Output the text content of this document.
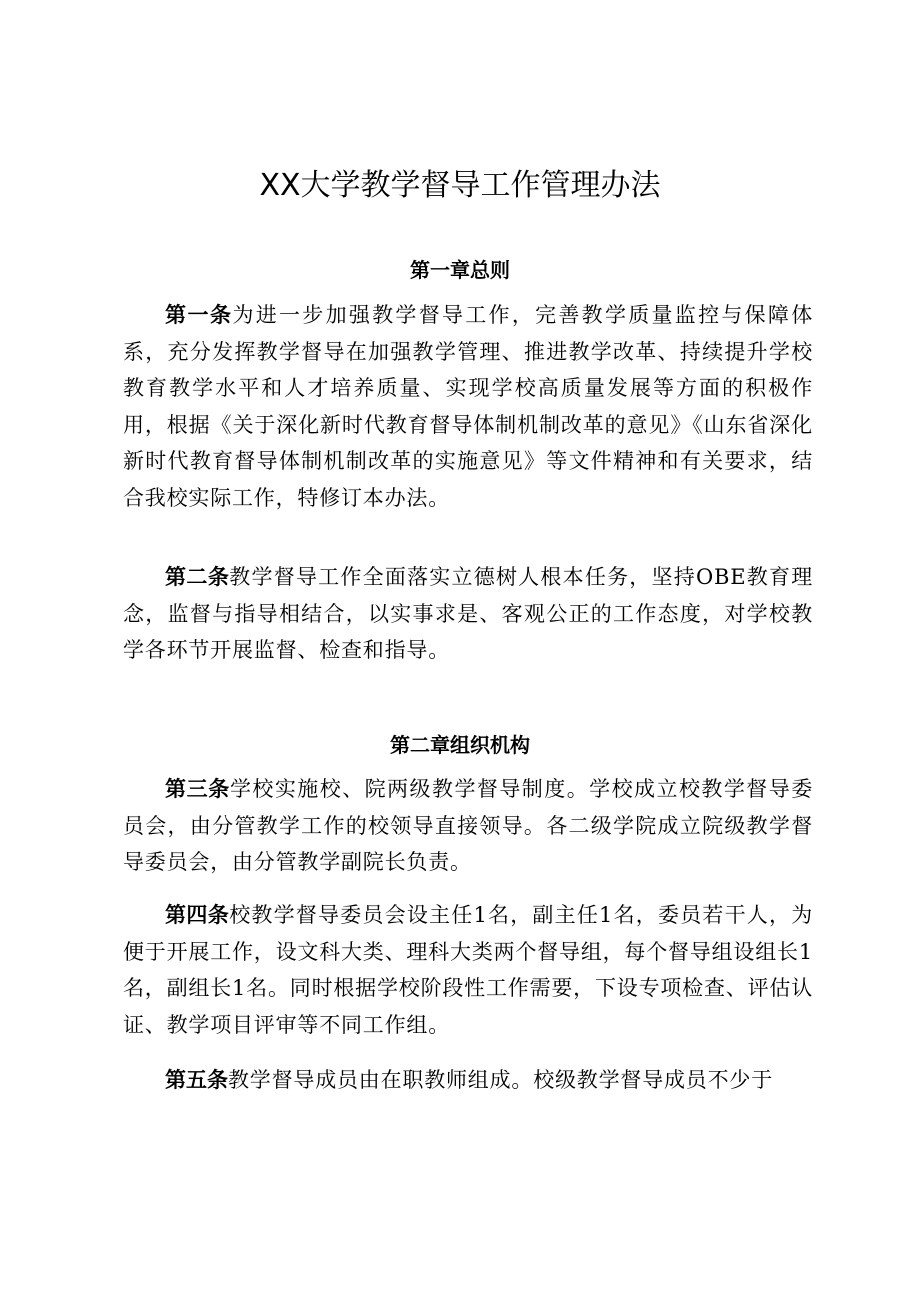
XX大学教学督导工作管理办法
第一章总则

第一条为进一步加强教学督导工作，完善教学质量监控与保障体系，充分发挥教学督导在加强教学管理、推进教学改革、持续提升学校教育教学水平和人才培养质量、实现学校高质量发展等方面的积极作用，根据《关于深化新时代教育督导体制机制改革的意见》《山东省深化新时代教育督导体制机制改革的实施意见》等文件精神和有关要求，结合我校实际工作，特修订本办法。

第二条教学督导工作全面落实立德树人根本任务，坚持OBE教育理念，监督与指导相结合，以实事求是、客观公正的工作态度，对学校教学各环节开展监督、检查和指导。

第二章组织机构

第三条学校实施校、院两级教学督导制度。学校成立校教学督导委员会，由分管教学工作的校领导直接领导。各二级学院成立院级教学督导委员会，由分管教学副院长负责。

第四条校教学督导委员会设主任1名，副主任1名，委员若干人，为便于开展工作，设文科大类、理科大类两个督导组，每个督导组设组长1名，副组长1名。同时根据学校阶段性工作需要，下设专项检查、评估认证、教学项目评审等不同工作组。

第五条教学督导成员由在职教师组成。校级教学督导成员不少于
